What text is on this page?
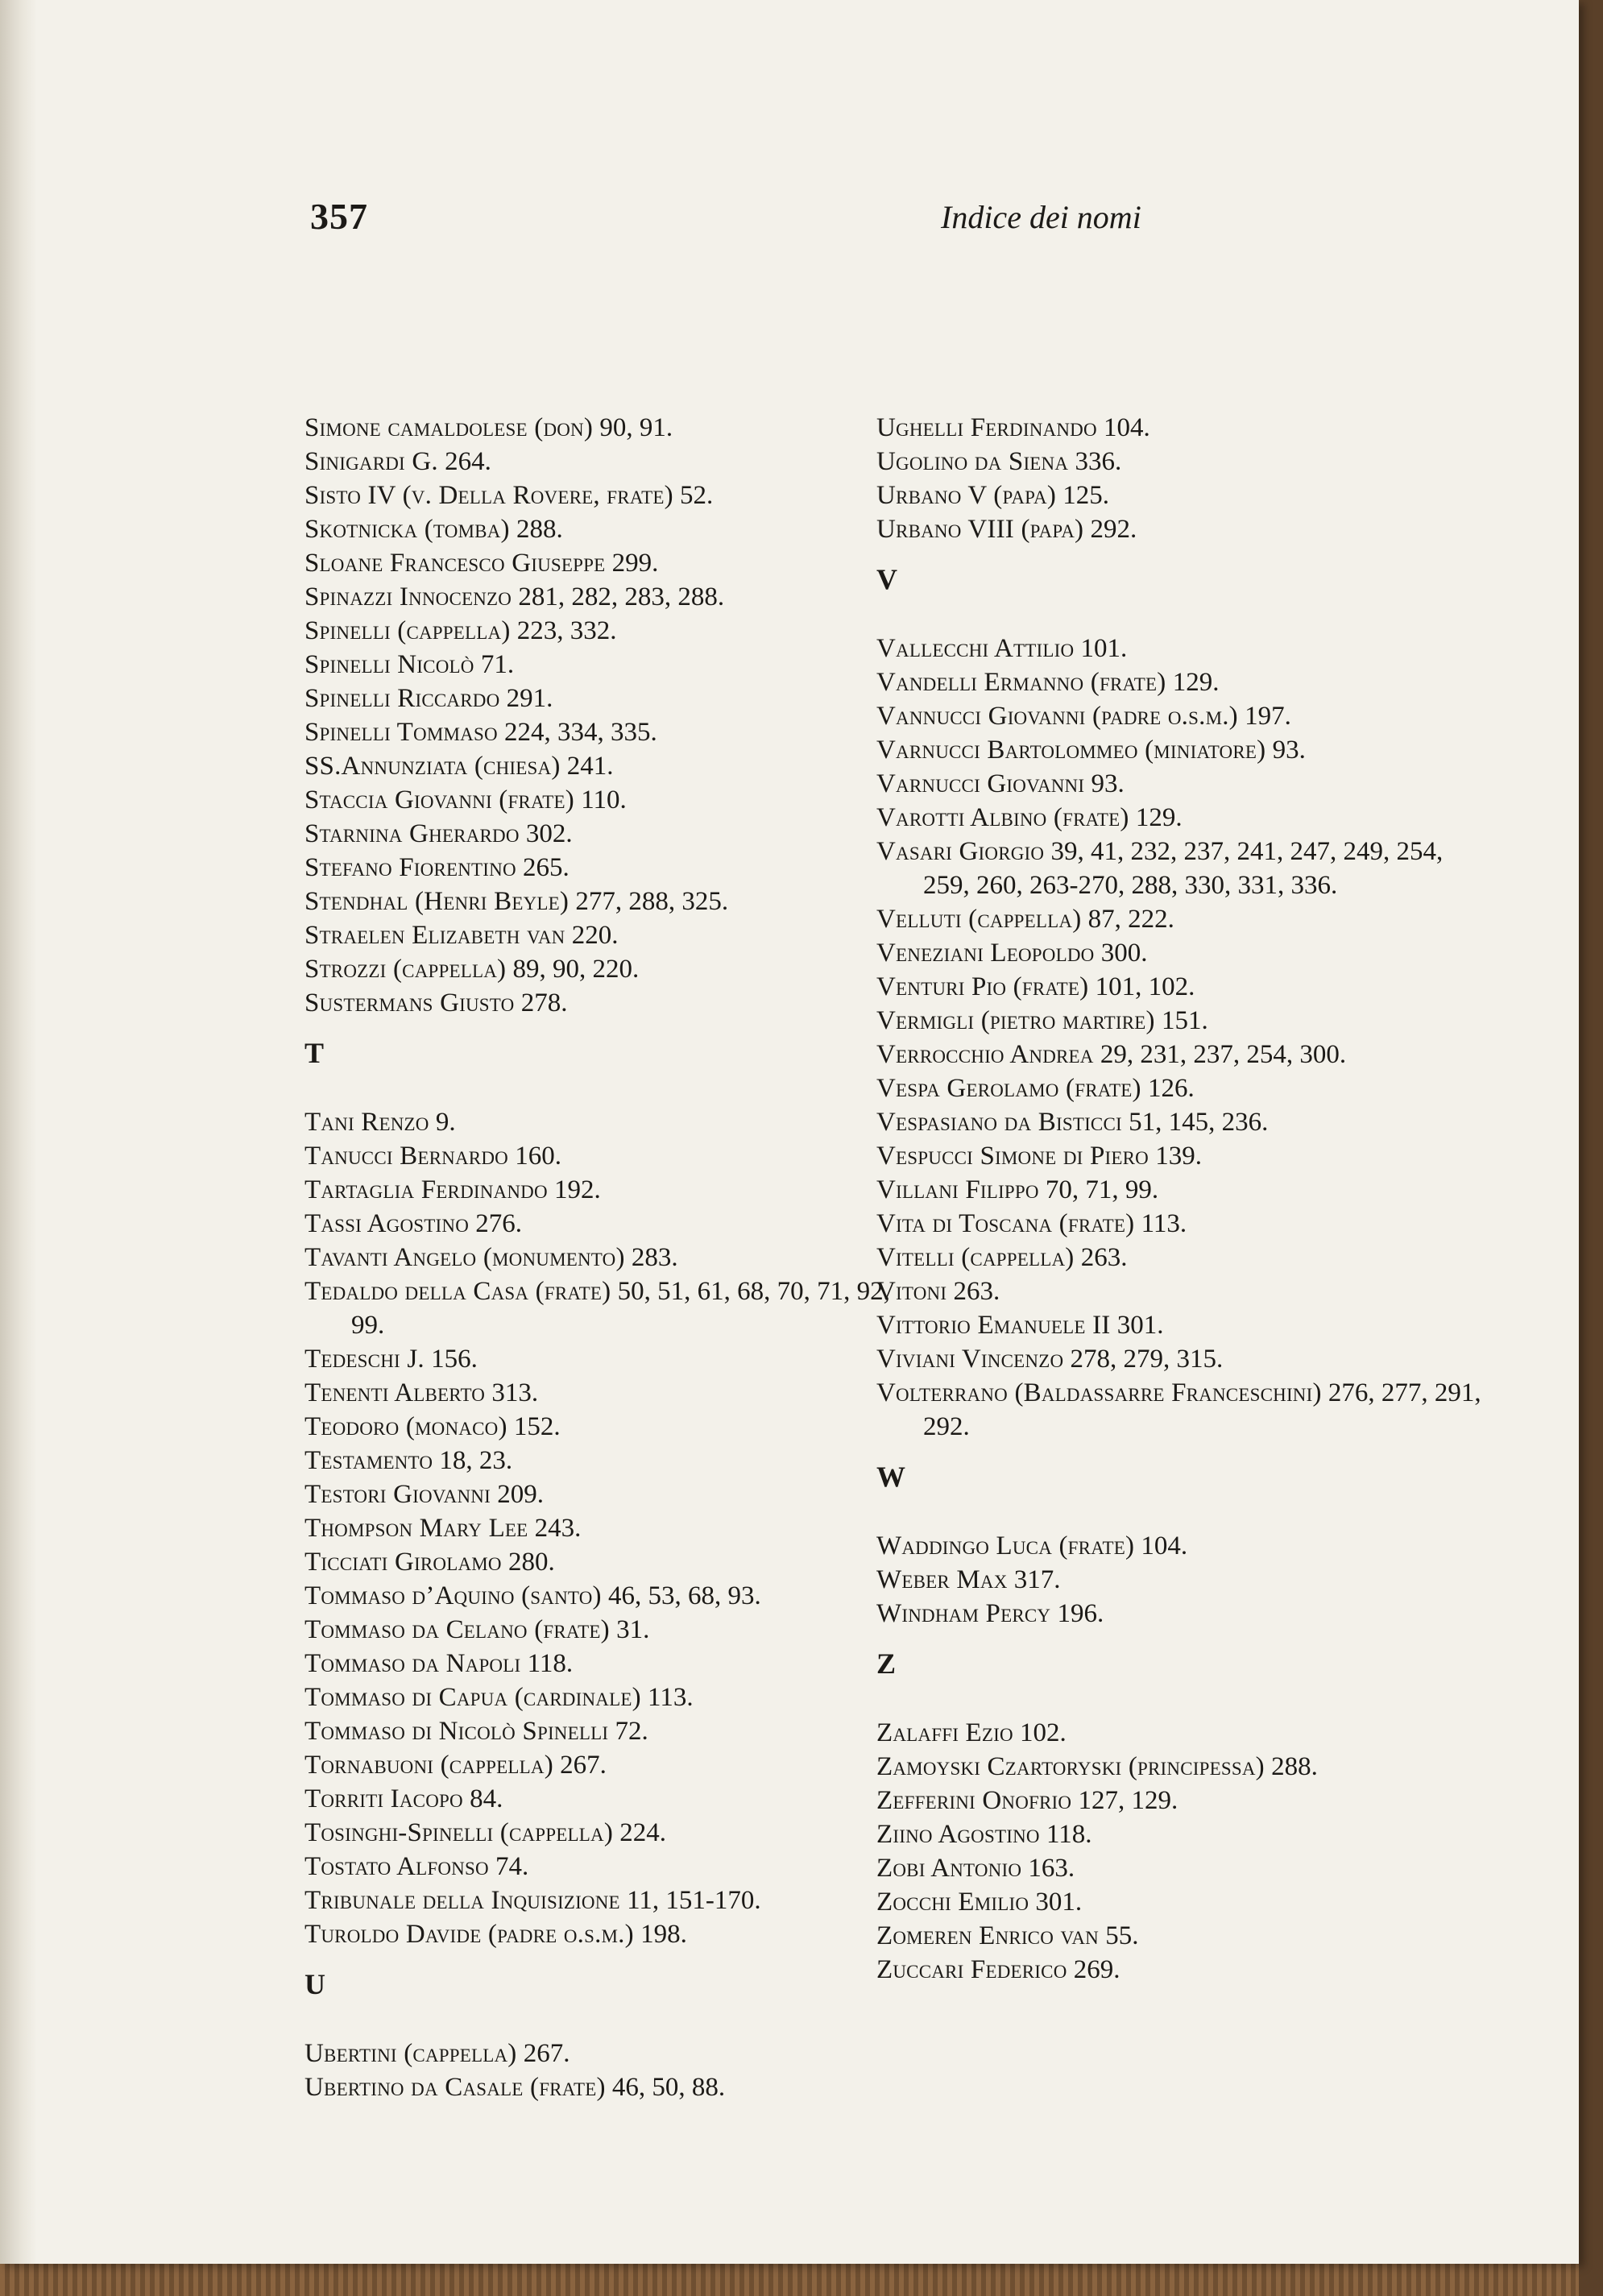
357	Indice dei nomi
Simone camaldolese (don) 90, 91.
Sinigardi G. 264.
Sisto IV (v. Della Rovere, frate) 52.
Skotnicka (tomba) 288.
Sloane Francesco Giuseppe 299.
Spinazzi Innocenzo 281, 282, 283, 288.
Spinelli (cappella) 223, 332.
Spinelli Nicolò 71.
Spinelli Riccardo 291.
Spinelli Tommaso 224, 334, 335.
SS.Annunziata (chiesa) 241.
Staccia Giovanni (frate) 110.
Starnina Gherardo 302.
Stefano Fiorentino 265.
Stendhal (Henri Beyle) 277, 288, 325.
Straelen Elizabeth van 220.
Strozzi (cappella) 89, 90, 220.
Sustermans Giusto 278.
T
Tani Renzo 9.
Tanucci Bernardo 160.
Tartaglia Ferdinando 192.
Tassi Agostino 276.
Tavanti Angelo (monumento) 283.
Tedaldo della Casa (frate) 50, 51, 61, 68, 70, 71, 92, 99.
Tedeschi J. 156.
Tenenti Alberto 313.
Teodoro (monaco) 152.
Testamento 18, 23.
Testori Giovanni 209.
Thompson Mary Lee 243.
Ticciati Girolamo 280.
Tommaso d’Aquino (santo) 46, 53, 68, 93.
Tommaso da Celano (frate) 31.
Tommaso da Napoli 118.
Tommaso di Capua (cardinale) 113.
Tommaso di Nicolò Spinelli 72.
Tornabuoni (cappella) 267.
Torriti Iacopo 84.
Tosinghi-Spinelli (cappella) 224.
Tostato Alfonso 74.
Tribunale della Inquisizione 11, 151-170.
Turoldo Davide (padre o.s.m.) 198.
U
Ubertini (cappella) 267.
Ubertino da Casale (frate) 46, 50, 88.
Ughelli Ferdinando 104.
Ugolino da Siena 336.
Urbano V (papa) 125.
Urbano VIII (papa) 292.
V
Vallecchi Attilio 101.
Vandelli Ermanno (frate) 129.
Vannucci Giovanni (padre o.s.m.) 197.
Varnucci Bartolommeo (miniatore) 93.
Varnucci Giovanni 93.
Varotti Albino (frate) 129.
Vasari Giorgio 39, 41, 232, 237, 241, 247, 249, 254, 259, 260, 263-270, 288, 330, 331, 336.
Velluti (cappella) 87, 222.
Veneziani Leopoldo 300.
Venturi Pio (frate) 101, 102.
Vermigli (pietro martire) 151.
Verrocchio Andrea 29, 231, 237, 254, 300.
Vespa Gerolamo (frate) 126.
Vespasiano da Bisticci 51, 145, 236.
Vespucci Simone di Piero 139.
Villani Filippo 70, 71, 99.
Vita di Toscana (frate) 113.
Vitelli (cappella) 263.
Vitoni 263.
Vittorio Emanuele II 301.
Viviani Vincenzo 278, 279, 315.
Volterrano (Baldassarre Franceschini) 276, 277, 291, 292.
W
Waddingo Luca (frate) 104.
Weber Max 317.
Windham Percy 196.
Z
Zalaffi Ezio 102.
Zamoyski Czartoryski (principessa) 288.
Zefferini Onofrio 127, 129.
Ziino Agostino 118.
Zobi Antonio 163.
Zocchi Emilio 301.
Zomeren Enrico van 55.
Zuccari Federico 269.
